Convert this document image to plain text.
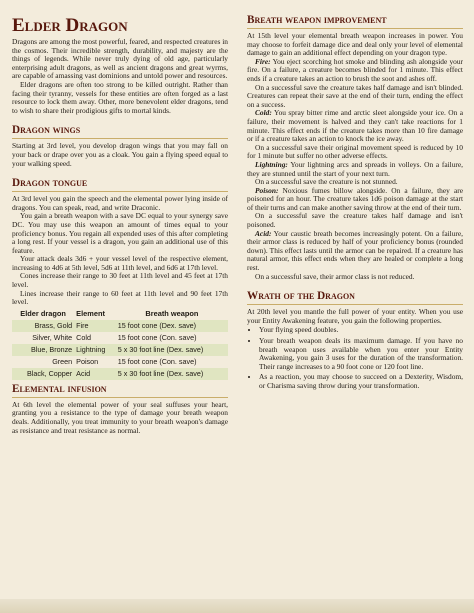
Elder Dragon

Dragons are among the most powerful, feared, and respected creatures in the cosmos. Their incredible strength, durability, and majesty are the things of legends. While never truly dying of old age, particularly enterprising adult dragons, as well as ancient dragons and great wyrms, are capable of amassing vast dominions and untold power and resources.

Elder dragons are often too strong to be killed outright. Rather than facing their tyranny, vessels for these entities are often forged as a last resource to lock them away. Other, more benevolent elder dragons, tend to wish to share their prodigious gifts to mortal kinds.

Dragon wings

Starting at 3rd level, you develop dragon wings that you may fall on your back or drape over you as a cloak. You gain a flying speed equal to your walking speed.

Dragon tongue

At 3rd level you gain the speech and the elemental power lying inside of dragons. You can speak, read, and write Draconic.

You gain a breath weapon with a save DC equal to your synergy save DC. You may use this weapon an amount of times equal to your proficiency bonus. You regain all expended uses of this after completing a long rest. If your vessel is a dragon, you gain an additional use of this feature.

Your attack deals 3d6 + your vessel level of the respective element, increasing to 4d6 at 5th level, 5d6 at 11th level, and 6d6 at 17th level.

Cones increase their range to 30 feet at 11th level and 45 feet at 17th level.

Lines increase their range to 60 feet at 11th level and 90 feet 17th level.

Elder dragon	Element	Breath weapon
Brass, Gold	Fire	15 foot cone (Dex. save)
Silver, White	Cold	15 foot cone (Con. save)
Blue, Bronze	Lightning	5 x 30 foot line (Dex. save)
Green	Poison	15 foot cone (Con. save)
Black, Copper	Acid	5 x 30 foot line (Dex. save)
Elemental infusion

At 6th level the elemental power of your seal suffuses your heart, granting you a resistance to the type of damage your breath weapon deals. Additionally, you treat immunity to your breath weapon's damage as resistance and treat resistance as normal.

Breath weapon improvement

At 15th level your elemental breath weapon increases in power. You may choose to forfeit damage dice and deal only your level of elemental damage to gain an additional effect depending on your dragon type.

Fire: You eject scorching hot smoke and blinding ash alongside your fire. On a failure, a creature becomes blinded for 1 minute. This effect ends if a creature takes an action to brush the soot and ashes off.

On a successful save the creature takes half damage and isn't blinded. Creatures can repeat their save at the end of their turn, ending the effect on a success.

Cold: You spray bitter rime and arctic sleet alongside your ice. On a failure, their movement is halved and they can't take reactions for 1 minute. This effect ends if the creature takes more than 10 fire damage or if a creature takes an action to knock the ice away.

On a successful save their original movement speed is reduced by 10 for 1 minute but suffer no other adverse effects.

Lightning: Your lightning arcs and spreads in volleys. On a failure, they are stunned until the start of your next turn.

On a successful save the creature is not stunned.

Poison: Noxious fumes billow alongside. On a failure, they are poisoned for an hour. The creature takes 1d6 poison damage at the start of their turns and can make another saving throw at the end of their turn.

On a successful save the creature takes half damage and isn't poisoned.

Acid: Your caustic breath becomes increasingly potent. On a failure, their armor class is reduced by half of your proficiency bonus (rounded down). This effect lasts until the armor can be repaired. If a creature has natural armor, this effect ends when they are healed or complete a long rest.

On a successful save, their armor class is not reduced.

Wrath of the Dragon

At 20th level you mantle the full power of your entity. When you use your Entity Awakening feature, you gain the following properties.

• Your flying speed doubles.
• Your breath weapon deals its maximum damage. If you have no breath weapon uses available when you enter your Entity Awakening, you gain 3 uses for the duration of the transformation. Their range increases to a 90 foot cone or 120 foot line.
• As a reaction, you may choose to succeed on a Dexterity, Wisdom, or Charisma saving throw during your transformation.
